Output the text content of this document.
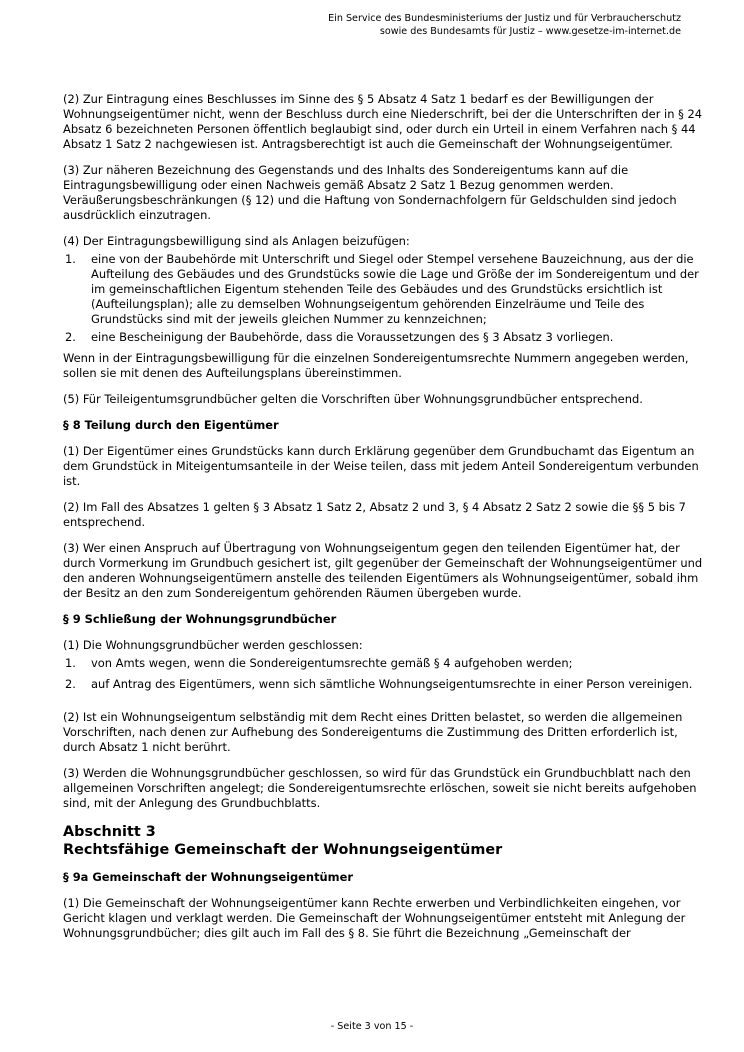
Ein Service des Bundesministeriums der Justiz und für Verbraucherschutz
sowie des Bundesamts für Justiz – www.gesetze-im-internet.de

(2) Zur Eintragung eines Beschlusses im Sinne des § 5 Absatz 4 Satz 1 bedarf es der Bewilligungen der Wohnungseigentümer nicht, wenn der Beschluss durch eine Niederschrift, bei der die Unterschriften der in § 24 Absatz 6 bezeichneten Personen öffentlich beglaubigt sind, oder durch ein Urteil in einem Verfahren nach § 44 Absatz 1 Satz 2 nachgewiesen ist. Antragsberechtigt ist auch die Gemeinschaft der Wohnungseigentümer.

(3) Zur näheren Bezeichnung des Gegenstands und des Inhalts des Sondereigentums kann auf die Eintragungsbewilligung oder einen Nachweis gemäß Absatz 2 Satz 1 Bezug genommen werden. Veräußerungsbeschränkungen (§ 12) und die Haftung von Sondernachfolgern für Geldschulden sind jedoch ausdrücklich einzutragen.

(4) Der Eintragungsbewilligung sind als Anlagen beizufügen:

1.	eine von der Baubehörde mit Unterschrift und Siegel oder Stempel versehene Bauzeichnung, aus der die Aufteilung des Gebäudes und des Grundstücks sowie die Lage und Größe der im Sondereigentum und der im gemeinschaftlichen Eigentum stehenden Teile des Gebäudes und des Grundstücks ersichtlich ist (Aufteilungsplan); alle zu demselben Wohnungseigentum gehörenden Einzelräume und Teile des Grundstücks sind mit der jeweils gleichen Nummer zu kennzeichnen;
2.	eine Bescheinigung der Baubehörde, dass die Voraussetzungen des § 3 Absatz 3 vorliegen.

Wenn in der Eintragungsbewilligung für die einzelnen Sondereigentumsrechte Nummern angegeben werden, sollen sie mit denen des Aufteilungsplans übereinstimmen.

(5) Für Teileigentumsgrundbücher gelten die Vorschriften über Wohnungsgrundbücher entsprechend.

§ 8 Teilung durch den Eigentümer

(1) Der Eigentümer eines Grundstücks kann durch Erklärung gegenüber dem Grundbuchamt das Eigentum an dem Grundstück in Miteigentumsanteile in der Weise teilen, dass mit jedem Anteil Sondereigentum verbunden ist.

(2) Im Fall des Absatzes 1 gelten § 3 Absatz 1 Satz 2, Absatz 2 und 3, § 4 Absatz 2 Satz 2 sowie die §§ 5 bis 7 entsprechend.

(3) Wer einen Anspruch auf Übertragung von Wohnungseigentum gegen den teilenden Eigentümer hat, der durch Vormerkung im Grundbuch gesichert ist, gilt gegenüber der Gemeinschaft der Wohnungseigentümer und den anderen Wohnungseigentümern anstelle des teilenden Eigentümers als Wohnungseigentümer, sobald ihm der Besitz an den zum Sondereigentum gehörenden Räumen übergeben wurde.

§ 9 Schließung der Wohnungsgrundbücher

(1) Die Wohnungsgrundbücher werden geschlossen:

1.	von Amts wegen, wenn die Sondereigentumsrechte gemäß § 4 aufgehoben werden;
2.	auf Antrag des Eigentümers, wenn sich sämtliche Wohnungseigentumsrechte in einer Person vereinigen.

(2) Ist ein Wohnungseigentum selbständig mit dem Recht eines Dritten belastet, so werden die allgemeinen Vorschriften, nach denen zur Aufhebung des Sondereigentums die Zustimmung des Dritten erforderlich ist, durch Absatz 1 nicht berührt.

(3) Werden die Wohnungsgrundbücher geschlossen, so wird für das Grundstück ein Grundbuchblatt nach den allgemeinen Vorschriften angelegt; die Sondereigentumsrechte erlöschen, soweit sie nicht bereits aufgehoben sind, mit der Anlegung des Grundbuchblatts.

Abschnitt 3
Rechtsfähige Gemeinschaft der Wohnungseigentümer

§ 9a Gemeinschaft der Wohnungseigentümer

(1) Die Gemeinschaft der Wohnungseigentümer kann Rechte erwerben und Verbindlichkeiten eingehen, vor Gericht klagen und verklagt werden. Die Gemeinschaft der Wohnungseigentümer entsteht mit Anlegung der Wohnungsgrundbücher; dies gilt auch im Fall des § 8. Sie führt die Bezeichnung „Gemeinschaft der

- Seite 3 von 15 -
